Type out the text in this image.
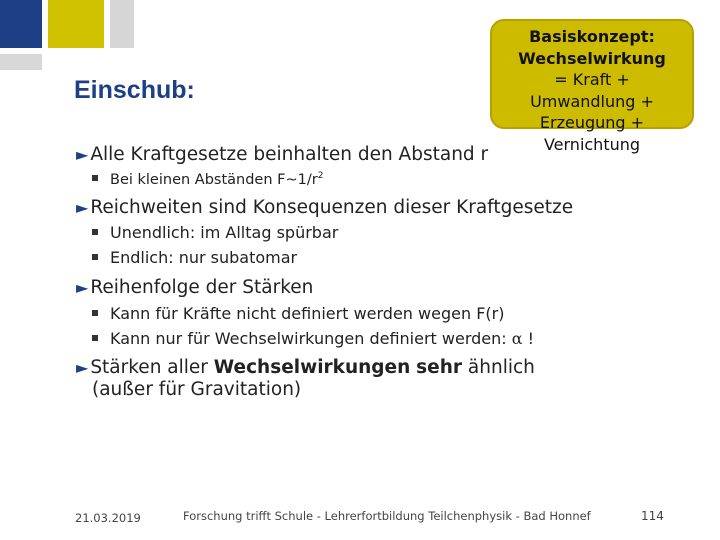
Einschub:
Basiskonzept:
Wechselwirkung
= Kraft +
Umwandlung +
Erzeugung +
Vernichtung
► Alle Kraftgesetze beinhalten den Abstand r
Bei kleinen Abständen $F\sim 1/r^2$
► Reichweiten sind Konsequenzen dieser Kraftgesetze
Unendlich: im Alltag spürbar
Endlich: nur subatomar
► Reihenfolge der Stärken
Kann für Kräfte nicht definiert werden wegen F(r)
Kann nur für Wechselwirkungen definiert werden: α !
► Stärken aller Wechselwirkungen sehr ähnlich
(außer für Gravitation)
21.03.2019	Forschung trifft Schule - Lehrerfortbildung Teilchenphysik - Bad Honnef	114
